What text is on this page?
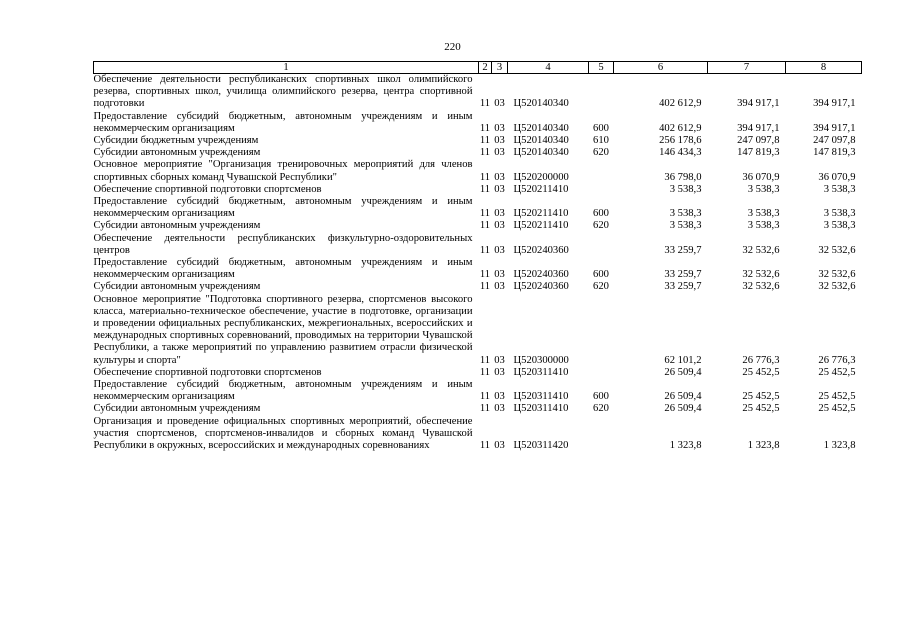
220
1	2	3	4	5	6	7	8
Обеспечение деятельности республиканских спортивных школ олимпийского резерва, спортивных школ, училища олимпийского резерва, центра спортивной подготовки	11	03	Ц520140340		402 612,9	394 917,1	394 917,1
Предоставление субсидий бюджетным, автономным учреждениям и иным некоммерческим организациям	11	03	Ц520140340	600	402 612,9	394 917,1	394 917,1
Субсидии бюджетным учреждениям	11	03	Ц520140340	610	256 178,6	247 097,8	247 097,8
Субсидии автономным учреждениям	11	03	Ц520140340	620	146 434,3	147 819,3	147 819,3
Основное мероприятие "Организация тренировочных мероприятий для членов спортивных сборных команд Чувашской Республики"	11	03	Ц520200000		36 798,0	36 070,9	36 070,9
Обеспечение спортивной подготовки спортсменов	11	03	Ц520211410		3 538,3	3 538,3	3 538,3
Предоставление субсидий бюджетным, автономным учреждениям и иным некоммерческим организациям	11	03	Ц520211410	600	3 538,3	3 538,3	3 538,3
Субсидии автономным учреждениям	11	03	Ц520211410	620	3 538,3	3 538,3	3 538,3
Обеспечение деятельности республиканских физкультурно-оздоровительных центров	11	03	Ц520240360		33 259,7	32 532,6	32 532,6
Предоставление субсидий бюджетным, автономным учреждениям и иным некоммерческим организациям	11	03	Ц520240360	600	33 259,7	32 532,6	32 532,6
Субсидии автономным учреждениям	11	03	Ц520240360	620	33 259,7	32 532,6	32 532,6
Основное мероприятие "Подготовка спортивного резерва, спортсменов высокого класса, материально-техническое обеспечение, участие в подготовке, организации и проведении официальных республиканских, межрегиональных, всероссийских и международных спортивных соревнований, проводимых на территории Чувашской Республики, а также мероприятий по управлению развитием отрасли физической культуры и спорта"	11	03	Ц520300000		62 101,2	26 776,3	26 776,3
Обеспечение спортивной подготовки спортсменов	11	03	Ц520311410		26 509,4	25 452,5	25 452,5
Предоставление субсидий бюджетным, автономным учреждениям и иным некоммерческим организациям	11	03	Ц520311410	600	26 509,4	25 452,5	25 452,5
Субсидии автономным учреждениям	11	03	Ц520311410	620	26 509,4	25 452,5	25 452,5
Организация и проведение официальных спортивных мероприятий, обеспечение участия спортсменов, спортсменов-инвалидов и сборных команд Чувашской Республики в окружных, всероссийских и международных соревнованиях	11	03	Ц520311420		1 323,8	1 323,8	1 323,8
